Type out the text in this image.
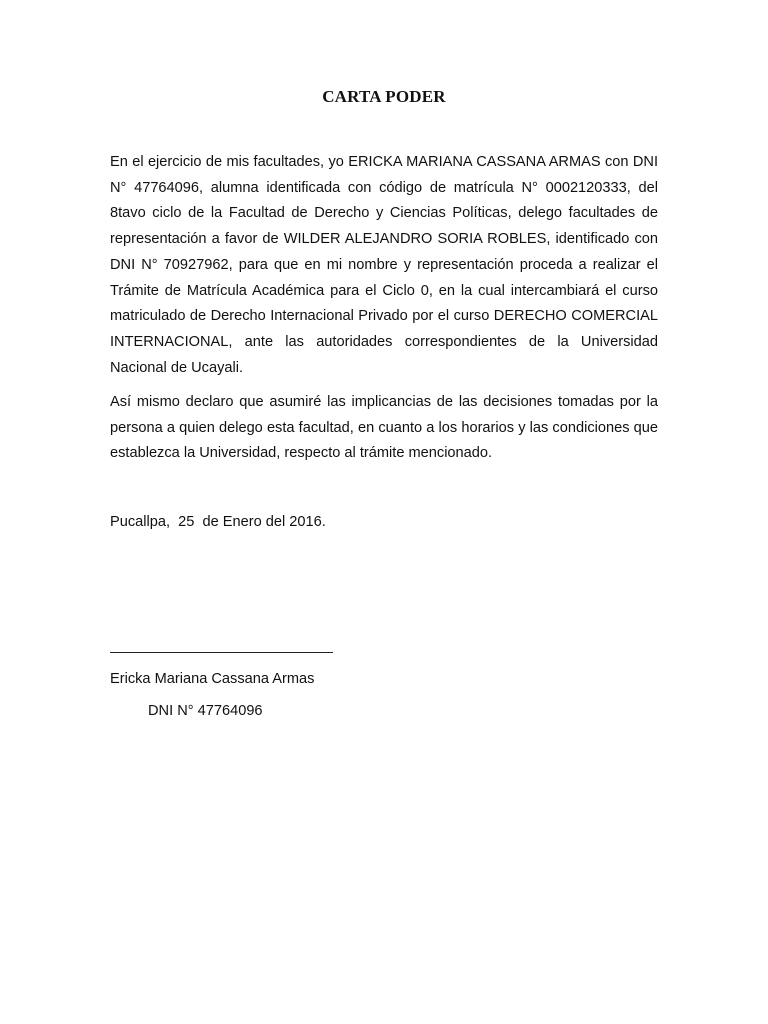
CARTA PODER

En el ejercicio de mis facultades, yo ERICKA MARIANA CASSANA ARMAS con DNI N° 47764096, alumna identificada con código de matrícula N° 0002120333, del 8tavo ciclo de la Facultad de Derecho y Ciencias Políticas, delego facultades de representación a favor de WILDER ALEJANDRO SORIA ROBLES, identificado con DNI N° 70927962, para que en mi nombre y representación proceda a realizar el Trámite de Matrícula Académica para el Ciclo 0, en la cual intercambiará el curso matriculado de Derecho Internacional Privado por el curso DERECHO COMERCIAL INTERNACIONAL, ante las autoridades correspondientes de la Universidad Nacional de Ucayali.

Así mismo declaro que asumiré las implicancias de las decisiones tomadas por la persona a quien delego esta facultad, en cuanto a los horarios y las condiciones que establezca la Universidad, respecto al trámite mencionado.

Pucallpa,  25  de Enero del 2016.
Ericka Mariana Cassana Armas
DNI N° 47764096
